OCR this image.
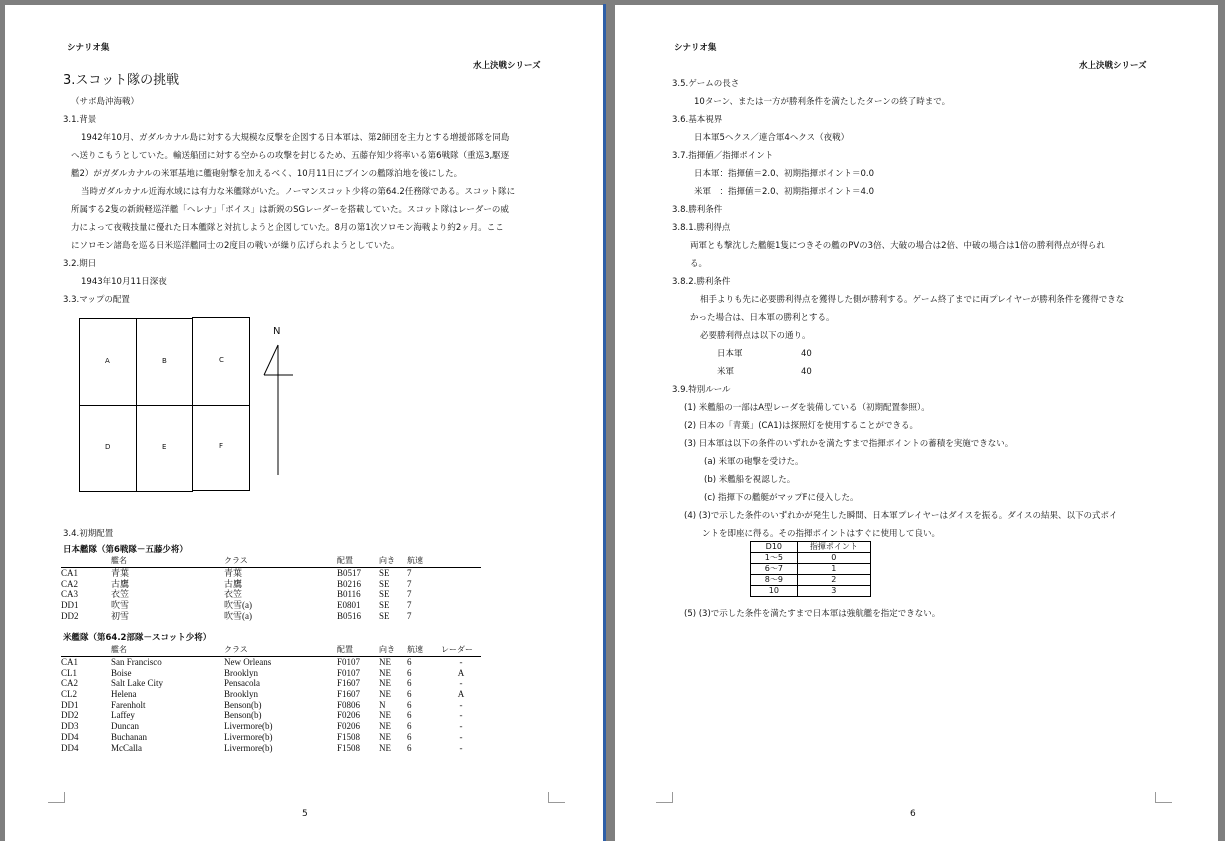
シナリオ集
水上決戦シリーズ
3.スコット隊の挑戦
（サボ島沖海戦）
3.1.背景
1942年10月、ガダルカナル島に対する大規模な反撃を企図する日本軍は、第2師団を主力とする増援部隊を同島
へ送りこもうとしていた。輸送船団に対する空からの攻撃を封じるため、五藤存知少将率いる第6戦隊（重巡3,駆逐
艦2）がガダルカナルの米軍基地に艦砲射撃を加えるべく、10月11日にブインの艦隊泊地を後にした。
当時ガダルカナル近海水域には有力な米艦隊がいた。ノーマンスコット少将の第64.2任務隊である。スコット隊に
所属する2隻の新鋭軽巡洋艦「ヘレナ」「ボイス」は新鋭のSGレーダーを搭載していた。スコット隊はレーダーの威
力によって夜戦技量に優れた日本艦隊と対抗しようと企図していた。8月の第1次ソロモン海戦より約2ヶ月。ここ
にソロモン諸島を巡る日米巡洋艦同士の2度目の戦いが繰り広げられようとしていた。
3.2.期日
1943年10月11日深夜
3.3.マップの配置
A	B	C
D	E	F
N
3.4.初期配置
日本艦隊（第6戦隊－五藤少将）
	艦名	クラス	配置	向き	航速
CA1	青葉	青葉	B0517	SE	7
CA2	古鷹	古鷹	B0216	SE	7
CA3	衣笠	衣笠	B0116	SE	7
DD1	吹雪	吹雪(a)	E0801	SE	7
DD2	初雪	吹雪(a)	B0516	SE	7
米艦隊（第64.2部隊－スコット少将）
	艦名	クラス	配置	向き	航速	レーダー
CA1	San Francisco	New Orleans	F0107	NE	6	-
CL1	Boise	Brooklyn	F0107	NE	6	A
CA2	Salt Lake City	Pensacola	F1607	NE	6	-
CL2	Helena	Brooklyn	F1607	NE	6	A
DD1	Farenholt	Benson(b)	F0806	N	6	-
DD2	Laffey	Benson(b)	F0206	NE	6	-
DD3	Duncan	Livermore(b)	F0206	NE	6	-
DD4	Buchanan	Livermore(b)	F1508	NE	6	-
DD4	McCalla	Livermore(b)	F1508	NE	6	-
5
シナリオ集
水上決戦シリーズ
3.5.ゲームの長さ
10ターン、または一方が勝利条件を満たしたターンの終了時まで。
3.6.基本視界
日本軍5ヘクス／連合軍4ヘクス（夜戦）
3.7.指揮値／指揮ポイント
日本軍：指揮値＝2.0、初期指揮ポイント＝0.0
米軍　：指揮値＝2.0、初期指揮ポイント＝4.0
3.8.勝利条件
3.8.1.勝利得点
両軍とも撃沈した艦艇1隻につきその艦のPVの3倍、大破の場合は2倍、中破の場合は1倍の勝利得点が得られ
る。
3.8.2.勝利条件
相手よりも先に必要勝利得点を獲得した側が勝利する。ゲーム終了までに両プレイヤーが勝利条件を獲得できな
かった場合は、日本軍の勝利とする。
必要勝利得点は以下の通り。
日本軍	40
米軍	40
3.9.特別ルール
(1) 米艦船の一部はA型レーダを装備している（初期配置参照）。
(2) 日本の「青葉」(CA1)は探照灯を使用することができる。
(3) 日本軍は以下の条件のいずれかを満たすまで指揮ポイントの蓄積を実施できない。
(a) 米軍の砲撃を受けた。
(b) 米艦船を視認した。
(c) 指揮下の艦艇がマップFに侵入した。
(4) (3)で示した条件のいずれかが発生した瞬間、日本軍プレイヤーはダイスを振る。ダイスの結果、以下の式ポイ
ントを即座に得る。その指揮ポイントはすぐに使用して良い。
D10	指揮ポイント
1～5	0
6～7	1
8～9	2
10	3
(5) (3)で示した条件を満たすまで日本軍は強航艦を指定できない。
6
